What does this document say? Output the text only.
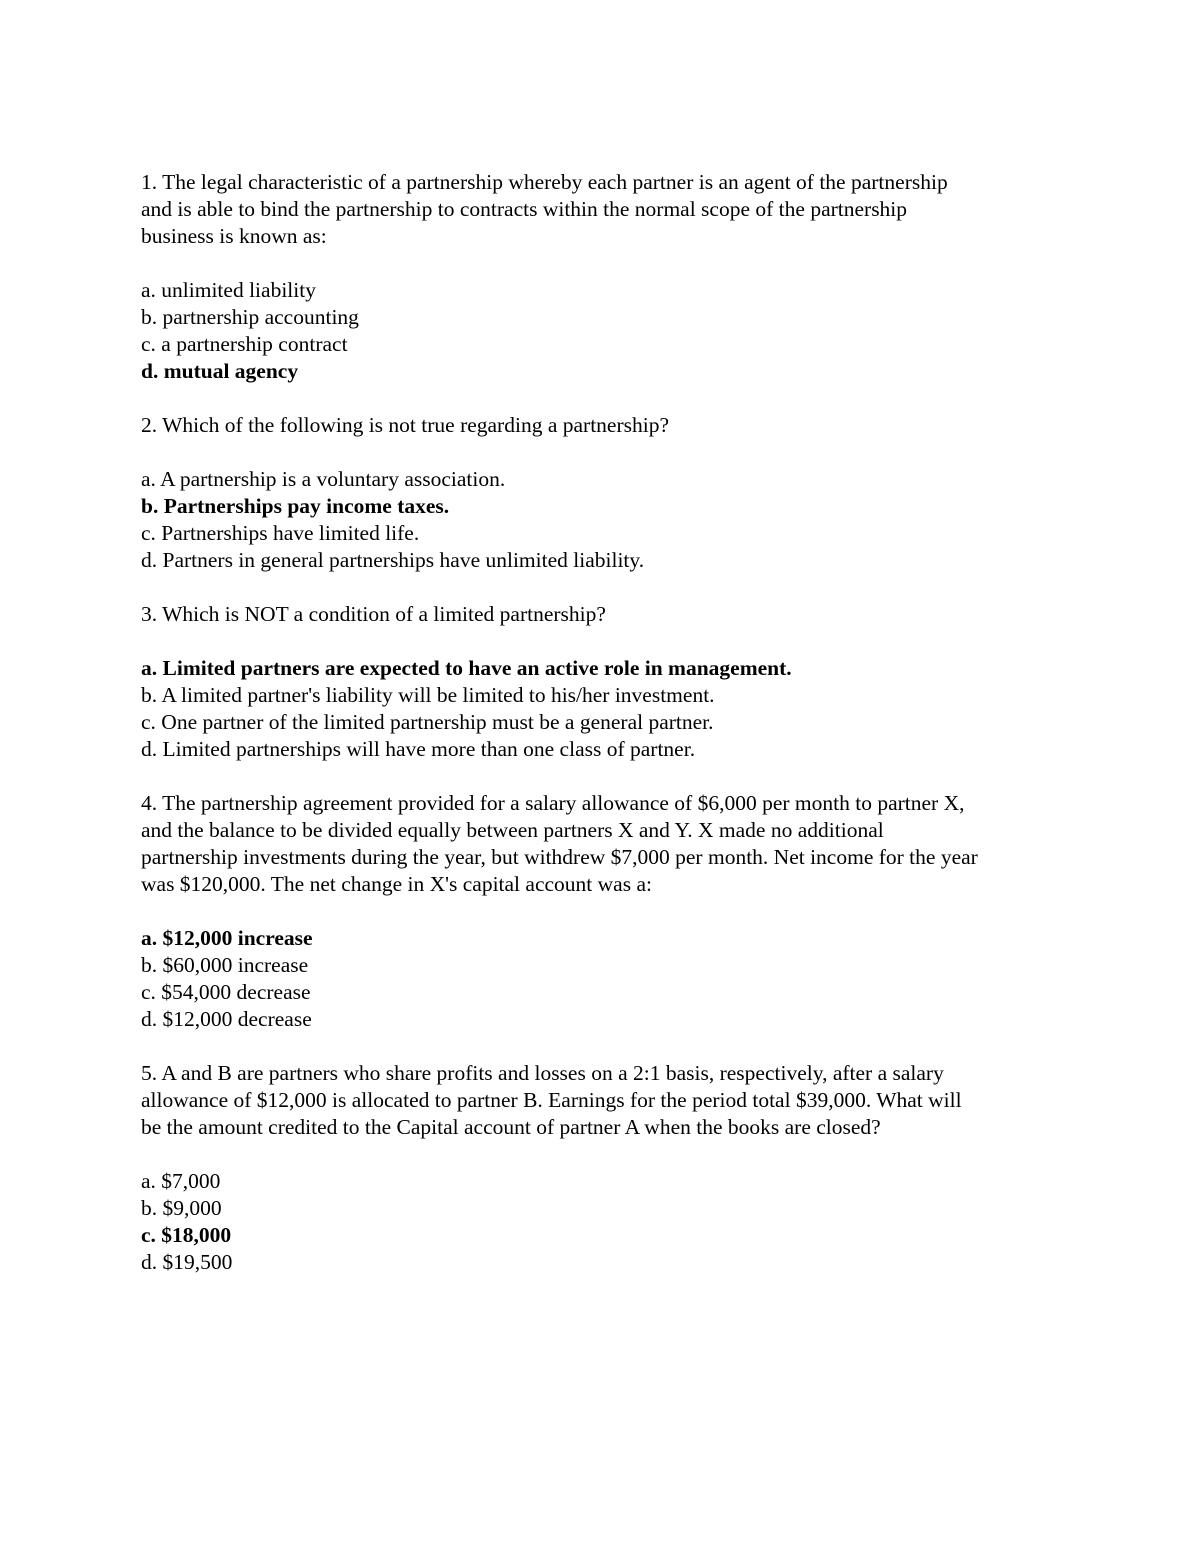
1. The legal characteristic of a partnership whereby each partner is an agent of the partnership
and is able to bind the partnership to contracts within the normal scope of the partnership
business is known as:
a. unlimited liability
b. partnership accounting
c. a partnership contract
d. mutual agency
2. Which of the following is not true regarding a partnership?
a. A partnership is a voluntary association.
b. Partnerships pay income taxes.
c. Partnerships have limited life.
d. Partners in general partnerships have unlimited liability.
3. Which is NOT a condition of a limited partnership?
a. Limited partners are expected to have an active role in management.
b. A limited partner's liability will be limited to his/her investment.
c. One partner of the limited partnership must be a general partner.
d. Limited partnerships will have more than one class of partner.
4. The partnership agreement provided for a salary allowance of $6,000 per month to partner X,
and the balance to be divided equally between partners X and Y. X made no additional
partnership investments during the year, but withdrew $7,000 per month. Net income for the year
was $120,000. The net change in X's capital account was a:
a. $12,000 increase
b. $60,000 increase
c. $54,000 decrease
d. $12,000 decrease
5. A and B are partners who share profits and losses on a 2:1 basis, respectively, after a salary
allowance of $12,000 is allocated to partner B. Earnings for the period total $39,000. What will
be the amount credited to the Capital account of partner A when the books are closed?
a. $7,000
b. $9,000
c. $18,000
d. $19,500
